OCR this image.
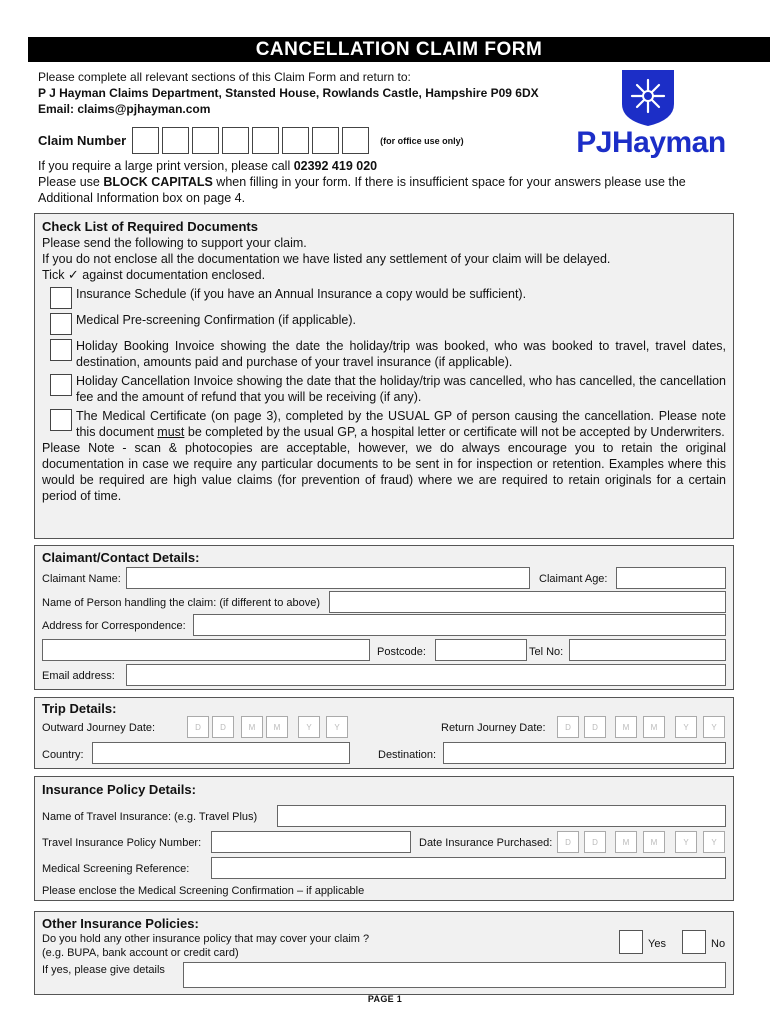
CANCELLATION CLAIM FORM
Please complete all relevant sections of this Claim Form and return to:
P J Hayman Claims Department, Stansted House, Rowlands Castle, Hampshire P09 6DX
Email: claims@pjhayman.com
Claim Number	(for office use only)	PJHayman
If you require a large print version, please call 02392 419 020
Please use BLOCK CAPITALS when filling in your form. If there is insufficient space for your answers please use the Additional Information box on page 4.
Check List of Required Documents

Please send the following to support your claim.

If you do not enclose all the documentation we have listed any settlement of your claim will be delayed.

Tick ✓ against documentation enclosed.

Insurance Schedule (if you have an Annual Insurance a copy would be sufficient).
Medical Pre-screening Confirmation (if applicable).
Holiday Booking Invoice showing the date the holiday/trip was booked, who was booked to travel, travel dates, destination, amounts paid and purchase of your travel insurance (if applicable).
Holiday Cancellation Invoice showing the date that the holiday/trip was cancelled, who has cancelled, the cancellation fee and the amount of refund that you will be receiving (if any).
The Medical Certificate (on page 3), completed by the USUAL GP of person causing the cancellation. Please note this document must be completed by the usual GP, a hospital letter or certificate will not be accepted by Underwriters.

Please Note - scan & photocopies are acceptable, however, we do always encourage you to retain the original documentation in case we require any particular documents to be sent in for inspection or retention. Examples where this would be required are high value claims (for prevention of fraud) where we are required to retain originals for a certain period of time.

Claimant/Contact Details:
Claimant Name:	Claimant Age:
Name of Person handling the claim: (if different to above)
Address for Correspondence:
Postcode:	Tel No:
Email address:
Trip Details:
Outward Journey Date:	D	D	M	M	Y	Y	Return Journey Date:	D	D	M	M	Y	Y
Country:	Destination:
Insurance Policy Details:
Name of Travel Insurance: (e.g. Travel Plus)
Travel Insurance Policy Number:	Date Insurance Purchased:	D	D	M	M	Y	Y
Medical Screening Reference:
Please enclose the Medical Screening Confirmation – if applicable
Other Insurance Policies:
Do you hold any other insurance policy that may cover your claim ?
(e.g. BUPA, bank account or credit card)
If yes, please give details
Yes	No
PAGE 1
